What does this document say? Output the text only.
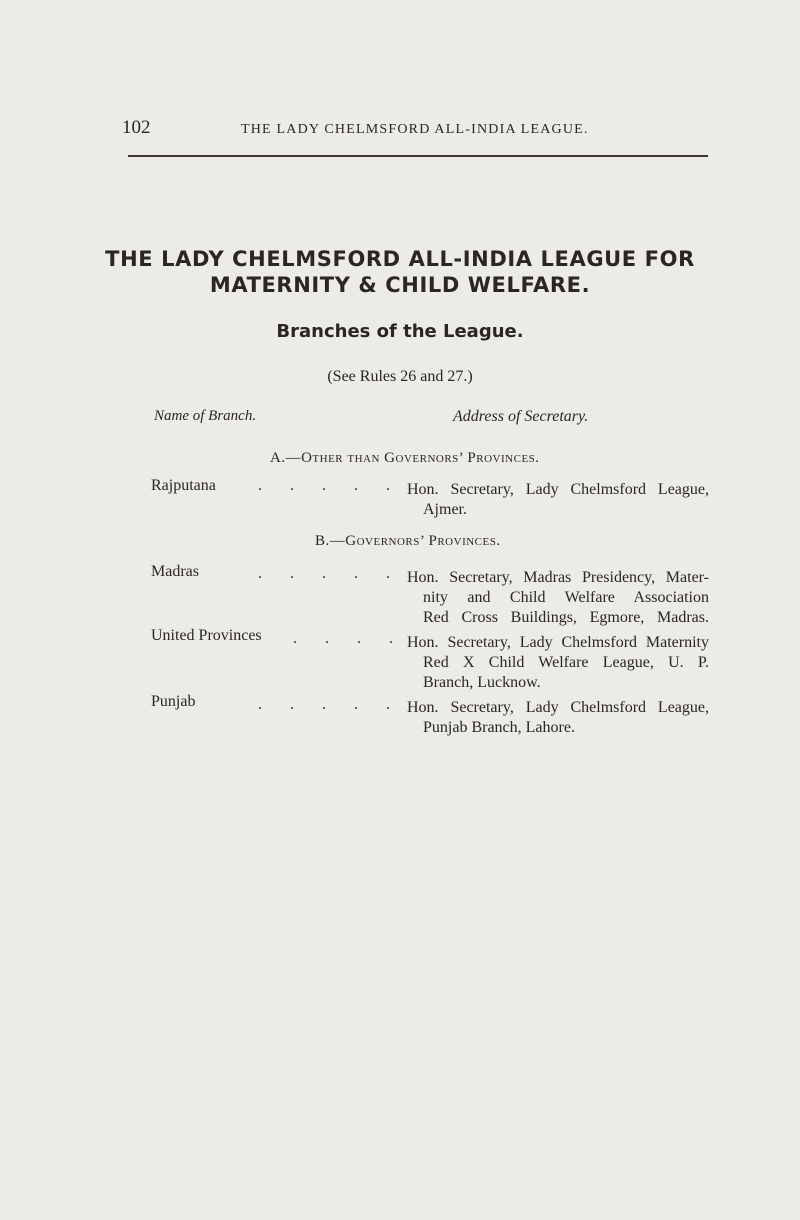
102	THE LADY CHELMSFORD ALL-INDIA LEAGUE.
THE LADY CHELMSFORD ALL-INDIA LEAGUE FOR
MATERNITY & CHILD WELFARE.
Branches of the League.
(See Rules 26 and 27.)
Name of Branch.	Address of Secretary.
A.—Other than Governors’ Provinces.
Rajputana	. . . . . Hon. Secretary, Lady Chelmsford League,
Ajmer.
B.—Governors’ Provinces.
Madras	. . . . . Hon. Secretary, Madras Presidency, Mater-
nity and Child Welfare Association
Red Cross Buildings, Egmore, Madras.
United Provinces . . . . Hon. Secretary, Lady Chelmsford Maternity
Red X Child Welfare League, U. P.
Branch, Lucknow.
Punjab	. . . . . Hon. Secretary, Lady Chelmsford League,
Punjab Branch, Lahore.
